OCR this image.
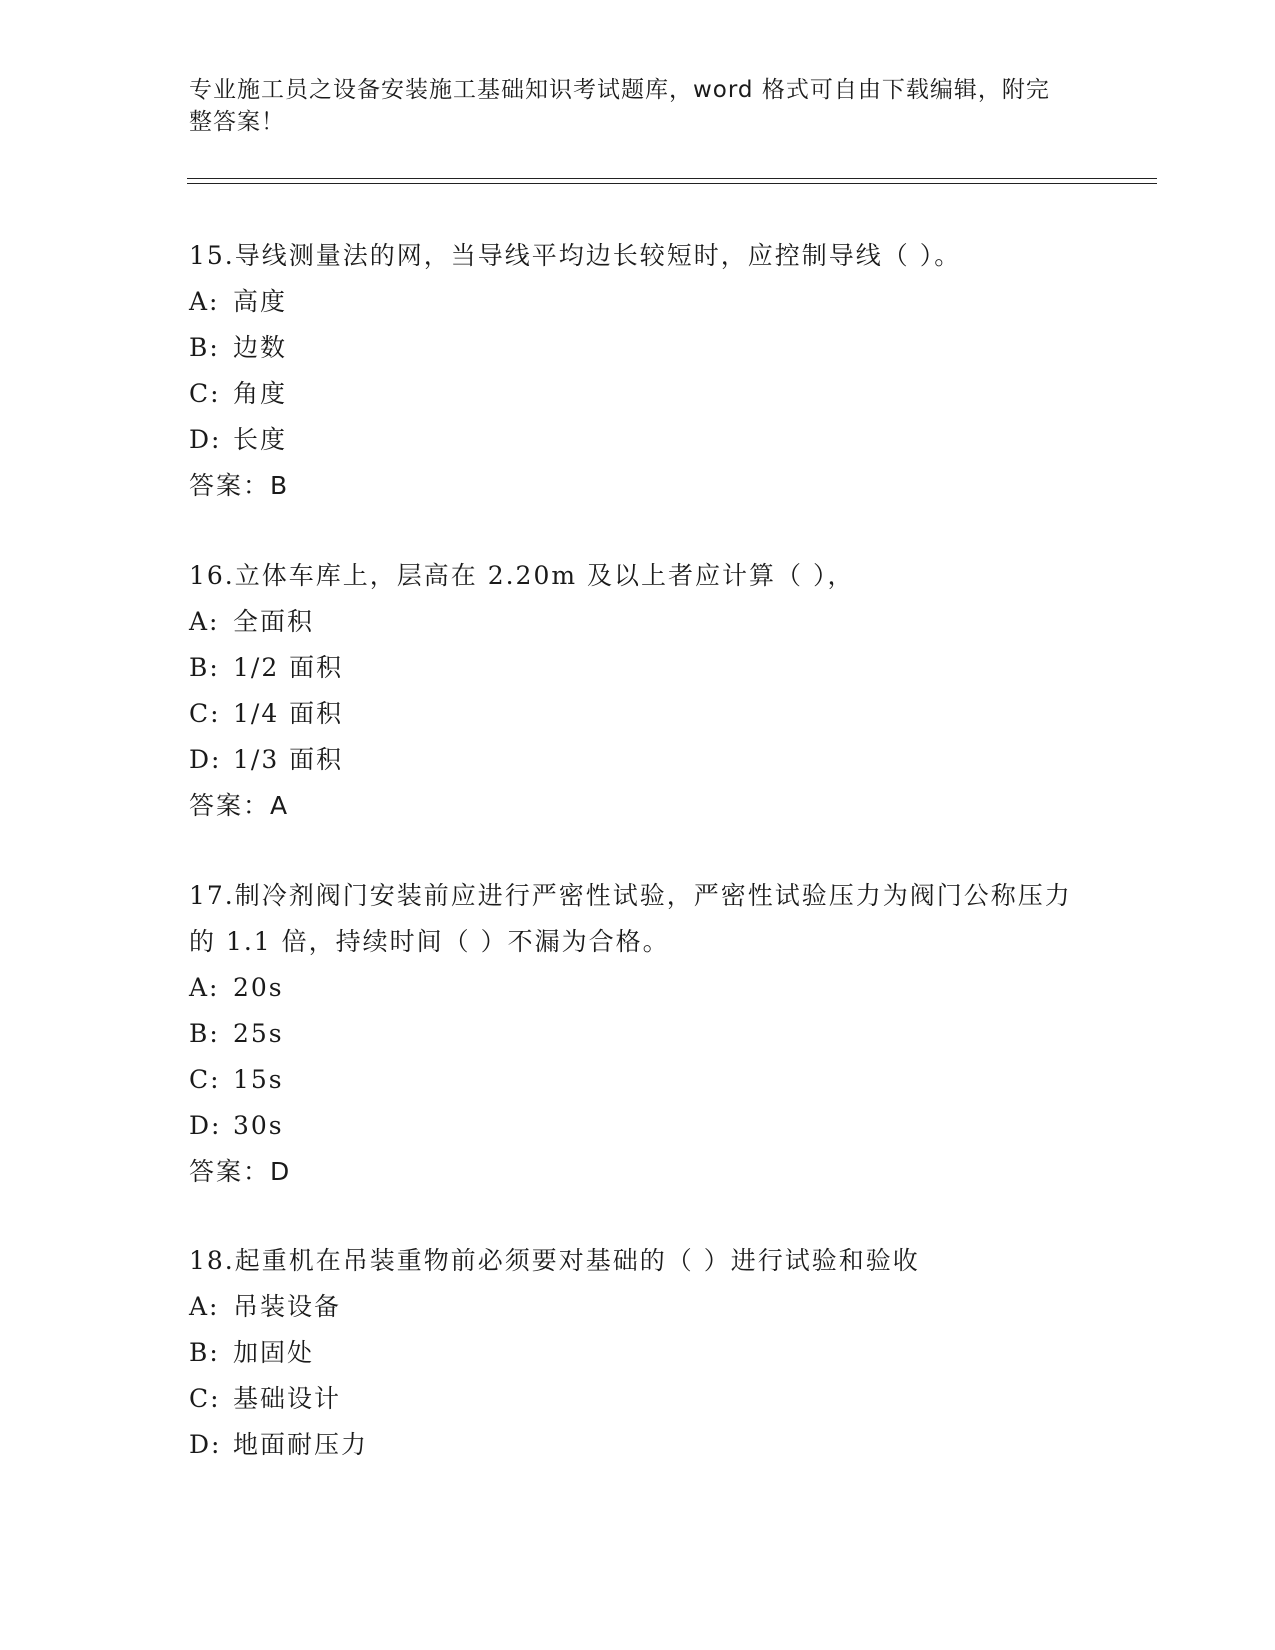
专业施工员之设备安装施工基础知识考试题库，word 格式可自由下载编辑，附完整答案！

15.导线测量法的网，当导线平均边长较短时，应控制导线（ ）。

A: 高度

B: 边数

C: 角度

D: 长度

答案：B

16.立体车库上，层高在 2.20m 及以上者应计算（ ），

A: 全面积

B: 1/2 面积

C: 1/4 面积

D: 1/3 面积

答案：A

17.制冷剂阀门安装前应进行严密性试验，严密性试验压力为阀门公称压力的 1.1 倍，持续时间（ ）不漏为合格。

A: 20s

B: 25s

C: 15s

D: 30s

答案：D

18.起重机在吊装重物前必须要对基础的（ ）进行试验和验收

A: 吊装设备

B: 加固处

C: 基础设计

D: 地面耐压力
